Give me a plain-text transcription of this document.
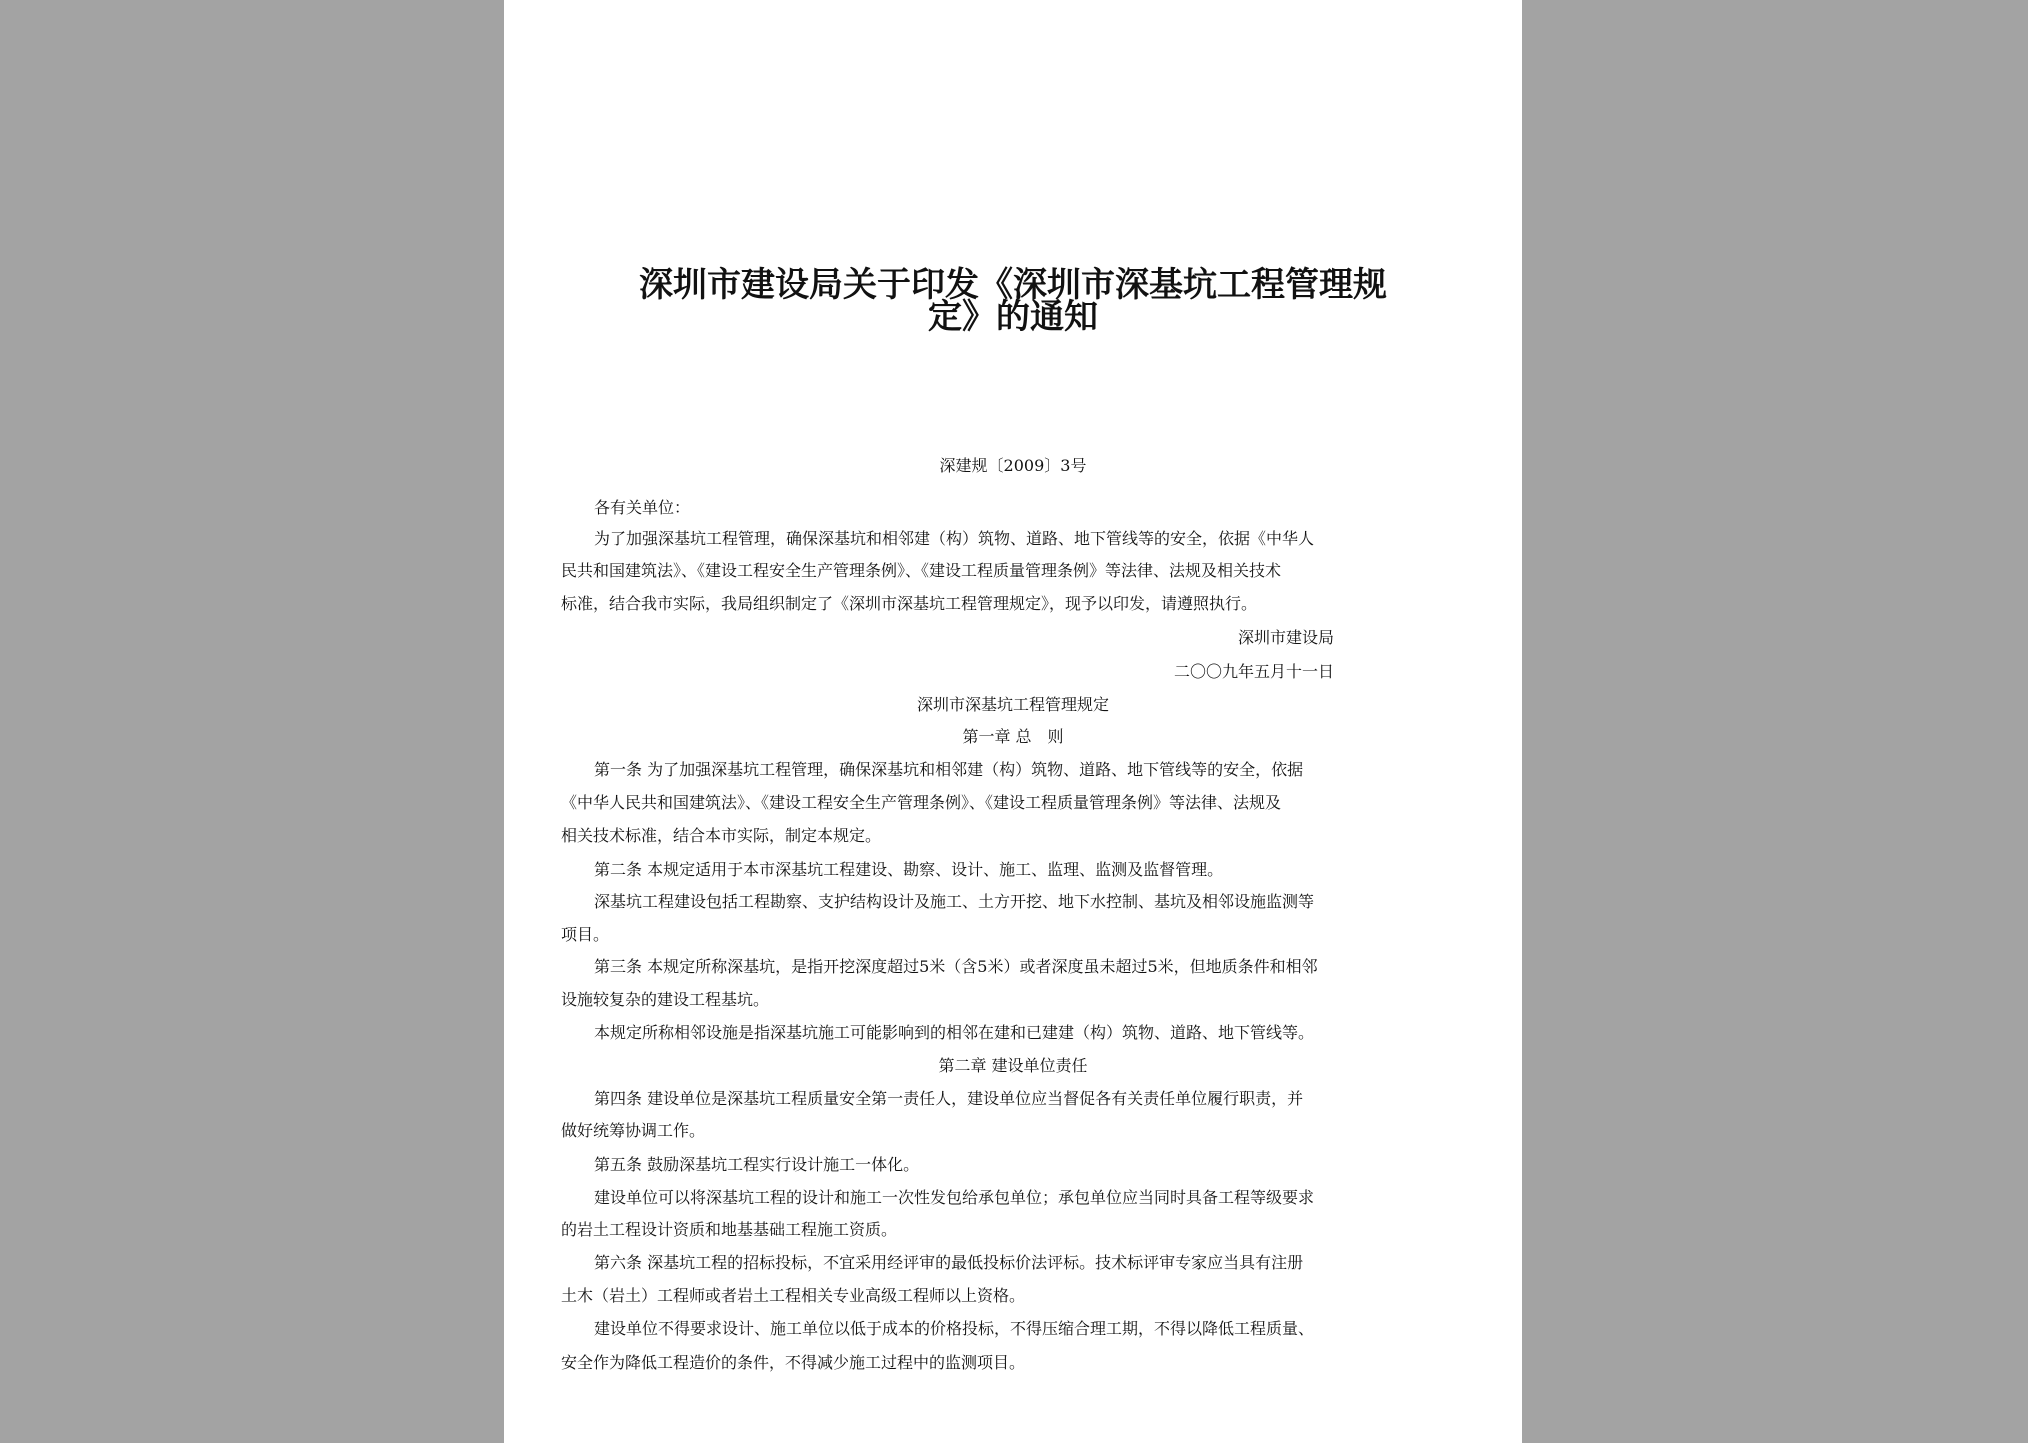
深圳市建设局关于印发《深圳市深基坑工程管理规
定》的通知
深建规〔2009〕3号
各有关单位：
为了加强深基坑工程管理，确保深基坑和相邻建（构）筑物、道路、地下管线等的安全，依据《中华人
民共和国建筑法》、《建设工程安全生产管理条例》、《建设工程质量管理条例》等法律、法规及相关技术
标准，结合我市实际，我局组织制定了《深圳市深基坑工程管理规定》，现予以印发，请遵照执行。
深圳市建设局
二〇〇九年五月十一日
深圳市深基坑工程管理规定
第一章 总　则
第一条 为了加强深基坑工程管理，确保深基坑和相邻建（构）筑物、道路、地下管线等的安全，依据
《中华人民共和国建筑法》、《建设工程安全生产管理条例》、《建设工程质量管理条例》等法律、法规及
相关技术标准，结合本市实际，制定本规定。
第二条 本规定适用于本市深基坑工程建设、勘察、设计、施工、监理、监测及监督管理。
深基坑工程建设包括工程勘察、支护结构设计及施工、土方开挖、地下水控制、基坑及相邻设施监测等
项目。
第三条 本规定所称深基坑，是指开挖深度超过5米（含5米）或者深度虽未超过5米，但地质条件和相邻
设施较复杂的建设工程基坑。
本规定所称相邻设施是指深基坑施工可能影响到的相邻在建和已建建（构）筑物、道路、地下管线等。
第二章 建设单位责任
第四条 建设单位是深基坑工程质量安全第一责任人，建设单位应当督促各有关责任单位履行职责，并
做好统筹协调工作。
第五条 鼓励深基坑工程实行设计施工一体化。
建设单位可以将深基坑工程的设计和施工一次性发包给承包单位；承包单位应当同时具备工程等级要求
的岩土工程设计资质和地基基础工程施工资质。
第六条 深基坑工程的招标投标，不宜采用经评审的最低投标价法评标。技术标评审专家应当具有注册
土木（岩土）工程师或者岩土工程相关专业高级工程师以上资格。
建设单位不得要求设计、施工单位以低于成本的价格投标，不得压缩合理工期，不得以降低工程质量、
安全作为降低工程造价的条件，不得减少施工过程中的监测项目。
